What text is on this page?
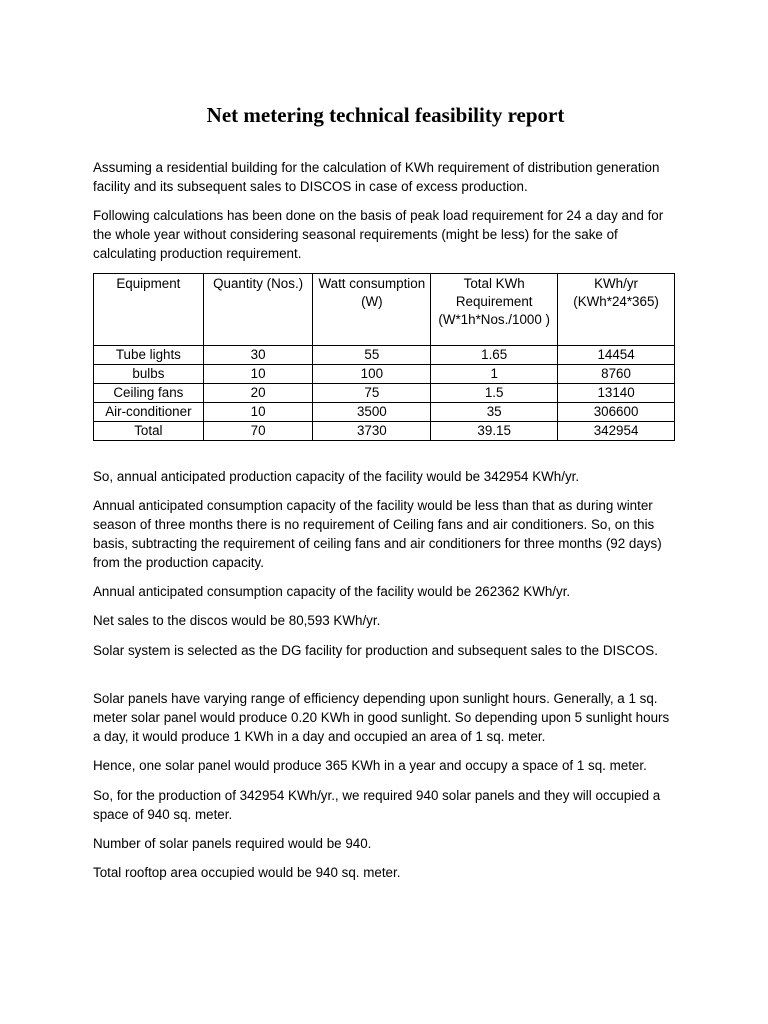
Net metering technical feasibility report

Assuming a residential building for the calculation of KWh requirement of distribution generation facility and its subsequent sales to DISCOS in case of excess production.

Following calculations has been done on the basis of peak load requirement for 24 a day and for the whole year without considering seasonal requirements (might be less) for the sake of calculating production requirement.

Equipment	Quantity (Nos.)	Watt consumption (W)	Total KWh Requirement (W*1h*Nos./1000 )	KWh/yr (KWh*24*365)
Tube lights	30	55	1.65	14454
bulbs	10	100	1	8760
Ceiling fans	20	75	1.5	13140
Air-conditioner	10	3500	35	306600
Total	70	3730	39.15	342954

So, annual anticipated production capacity of the facility would be 342954 KWh/yr.

Annual anticipated consumption capacity of the facility would be less than that as during winter season of three months there is no requirement of Ceiling fans and air conditioners. So, on this basis, subtracting the requirement of ceiling fans and air conditioners for three months (92 days) from the production capacity.

Annual anticipated consumption capacity of the facility would be 262362 KWh/yr.

Net sales to the discos would be 80,593 KWh/yr.

Solar system is selected as the DG facility for production and subsequent sales to the DISCOS.

Solar panels have varying range of efficiency depending upon sunlight hours. Generally, a 1 sq. meter solar panel would produce 0.20 KWh in good sunlight. So depending upon 5 sunlight hours a day, it would produce 1 KWh in a day and occupied an area of 1 sq. meter.

Hence, one solar panel would produce 365 KWh in a year and occupy a space of 1 sq. meter.

So, for the production of 342954 KWh/yr., we required 940 solar panels and they will occupied a space of 940 sq. meter.

Number of solar panels required would be 940.

Total rooftop area occupied would be 940 sq. meter.
